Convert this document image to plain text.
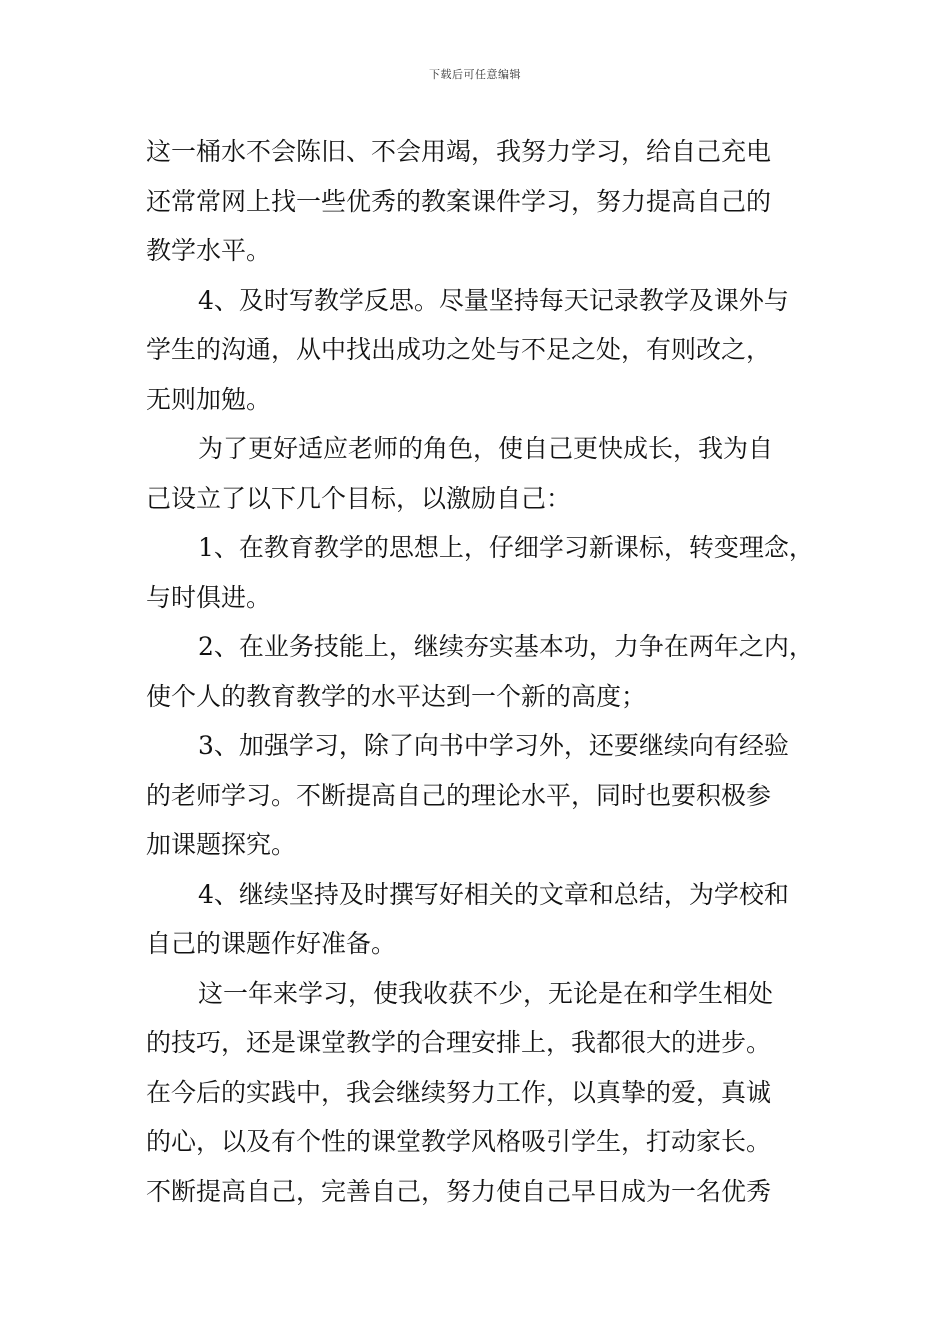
下载后可任意编辑
这一桶水不会陈旧、不会用竭，我努力学习，给自己充电
还常常网上找一些优秀的教案课件学习，努力提高自己的
教学水平。
4、及时写教学反思。尽量坚持每天记录教学及课外与
学生的沟通，从中找出成功之处与不足之处，有则改之，
无则加勉。
为了更好适应老师的角色，使自己更快成长，我为自
己设立了以下几个目标，以激励自己：
1、在教育教学的思想上，仔细学习新课标，转变理念，
与时俱进。
2、在业务技能上，继续夯实基本功，力争在两年之内，
使个人的教育教学的水平达到一个新的高度；
3、加强学习，除了向书中学习外，还要继续向有经验
的老师学习。不断提高自己的理论水平，同时也要积极参
加课题探究。
4、继续坚持及时撰写好相关的文章和总结，为学校和
自己的课题作好准备。
这一年来学习，使我收获不少，无论是在和学生相处
的技巧，还是课堂教学的合理安排上，我都很大的进步。
在今后的实践中，我会继续努力工作，以真挚的爱，真诚
的心，以及有个性的课堂教学风格吸引学生，打动家长。
不断提高自己，完善自己，努力使自己早日成为一名优秀
